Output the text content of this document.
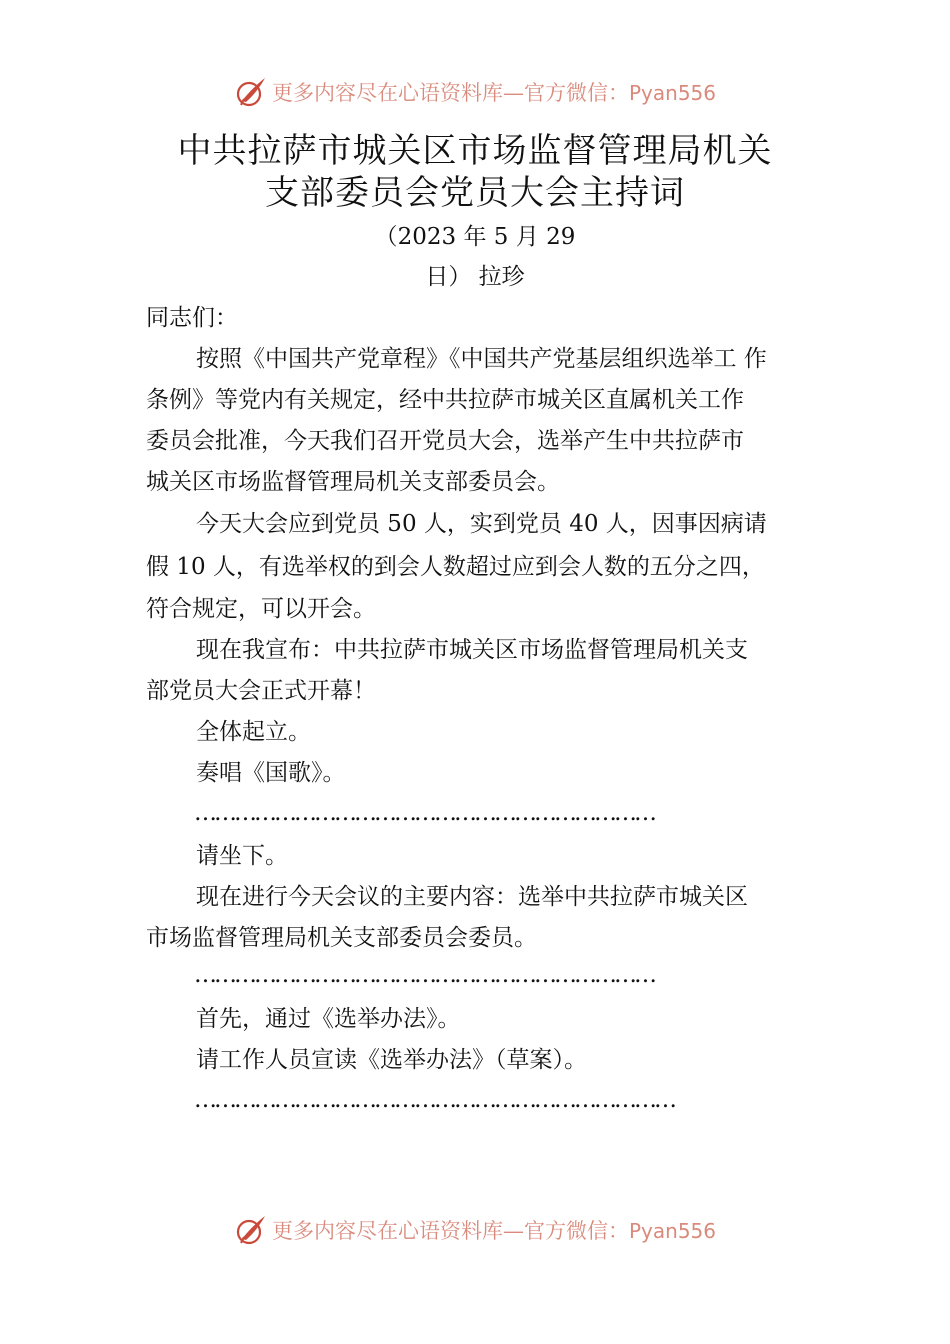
更多内容尽在心语资料库—官方微信：Pyan556
中共拉萨市城关区市场监督管理局机关
支部委员会党员大会主持词
（2023 年 5 月 29
日） 拉珍
同志们：
按照《中国共产党章程》《中国共产党基层组织选举工 作
条例》等党内有关规定，经中共拉萨市城关区直属机关工作
委员会批准，今天我们召开党员大会，选举产生中共拉萨市
城关区市场监督管理局机关支部委员会。
今天大会应到党员 50 人，实到党员 40 人，因事因病请
假 10 人，有选举权的到会人数超过应到会人数的五分之四，
符合规定，可以开会。
现在我宣布：中共拉萨市城关区市场监督管理局机关支
部党员大会正式开幕！
全体起立。
奏唱《国歌》。
……………………………………………………………
请坐下。
现在进行今天会议的主要内容：选举中共拉萨市城关区
市场监督管理局机关支部委员会委员。
……………………………………………………………
首先，通过《选举办法》。
请工作人员宣读《选举办法》（草案）。
………………………………………………………………
更多内容尽在心语资料库—官方微信：Pyan556
